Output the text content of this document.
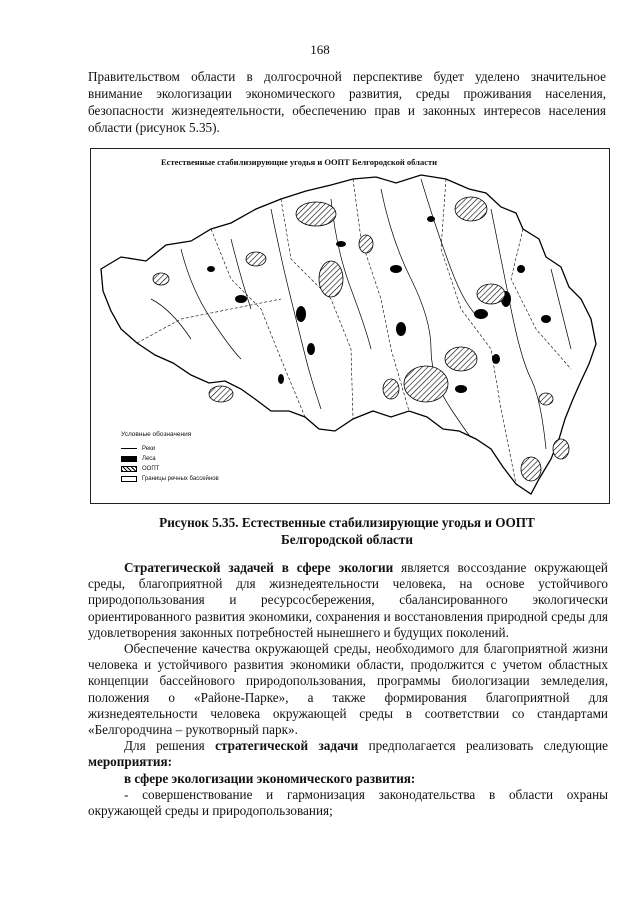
168
Правительством области в долгосрочной перспективе будет уделено значительное внимание экологизации экономического развития, среды проживания населения, безопасности жизнедеятельности, обеспечению прав и законных интересов населения области (рисунок 5.35).
Естественные стабилизирующие угодья и ООПТ Белгородской области
Условные обозначения
Реки
Леса
ООПТ
Границы речных бассейнов
Рисунок 5.35. Естественные стабилизирующие угодья и ООПТ
Белгородской области

Стратегической задачей в сфере экологии является воссоздание окружающей среды, благоприятной для жизнедеятельности человека, на основе устойчивого природопользования и ресурсосбережения, сбалансированного экологически ориентированного развития экономики, сохранения и восстановления природной среды для удовлетворения законных потребностей нынешнего и будущих поколений.

Обеспечение качества окружающей среды, необходимого для благоприятной жизни человека и устойчивого развития экономики области, продолжится с учетом областных концепции бассейнового природопользования, программы биологизации земледелия, положения о «Районе-Парке», а также формирования благоприятной для жизнедеятельности человека окружающей среды в соответствии со стандартами «Белгородчина – рукотворный парк».

Для решения стратегической задачи предполагается реализовать следующие мероприятия:

в сфере экологизации экономического развития:

- совершенствование и гармонизация законодательства в области охраны окружающей среды и природопользования;
